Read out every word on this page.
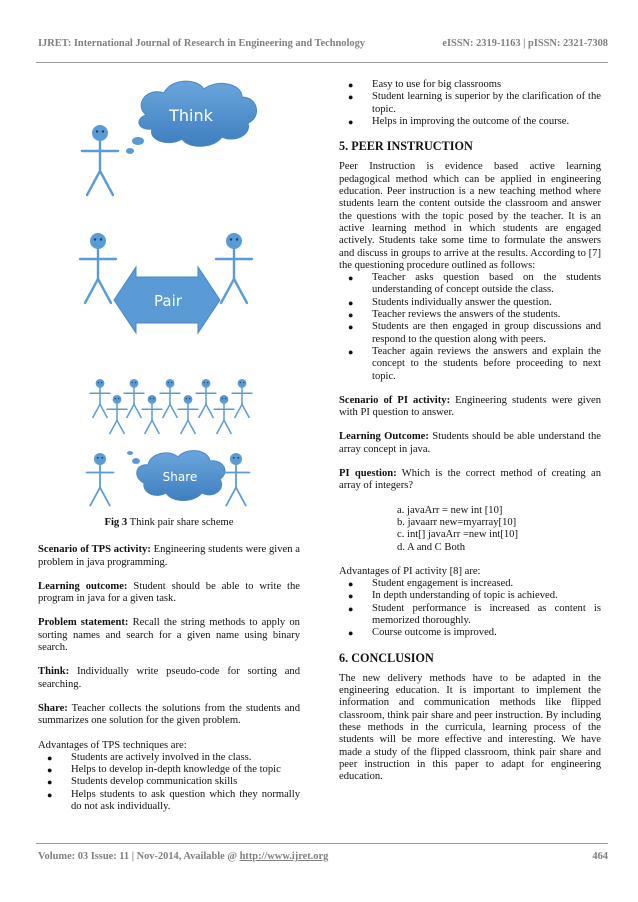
IJRET: International Journal of Research in Engineering and Technology	eISSN: 2319-1163 | pISSN: 2321-7308
Think
Pair
Share
Fig 3 Think pair share scheme

Scenario of TPS activity: Engineering students were given a problem in java programming.

Learning outcome: Student should be able to write the program in java for a given task.

Problem statement: Recall the string methods to apply on sorting names and search for a given name using binary search.

Think: Individually write pseudo-code for sorting and searching.

Share: Teacher collects the solutions from the students and summarizes one solution for the given problem.

Advantages of TPS techniques are:

● Students are actively involved in the class.
● Helps to develop in-depth knowledge of the topic
● Students develop communication skills
● Helps students to ask question which they normally do not ask individually.
● Easy to use for big classrooms
● Student learning is superior by the clarification of the topic.
● Helps in improving the outcome of the course.
5. PEER INSTRUCTION

Peer Instruction is evidence based active learning pedagogical method which can be applied in engineering education. Peer instruction is a new teaching method where students learn the content outside the classroom and answer the questions with the topic posed by the teacher. It is an active learning method in which students are engaged actively. Students take some time to formulate the answers and discuss in groups to arrive at the results. According to [7] the questioning procedure outlined as follows:

● Teacher asks question based on the students understanding of concept outside the class.
● Students individually answer the question.
● Teacher reviews the answers of the students.
● Students are then engaged in group discussions and respond to the question along with peers.
● Teacher again reviews the answers and explain the concept to the students before proceeding to next topic.

Scenario of PI activity: Engineering students were given with PI question to answer.

Learning Outcome: Students should be able understand the array concept in java.

PI question: Which is the correct method of creating an array of integers?

a. javaArr = new int [10]
b. javaarr new=myarray[10]
c. int[] javaArr =new int[10]
d. A and C Both

Advantages of PI activity [8] are:

● Student engagement is increased.
● In depth understanding of topic is achieved.
● Student performance is increased as content is memorized thoroughly.
● Course outcome is improved.
6. CONCLUSION

The new delivery methods have to be adapted in the engineering education. It is important to implement the information and communication methods like flipped classroom, think pair share and peer instruction. By including these methods in the curricula, learning process of the students will be more effective and interesting. We have made a study of the flipped classroom, think pair share and peer instruction in this paper to adapt for engineering education.

Volume: 03 Issue: 11 | Nov-2014, Available @ http://www.ijret.org	464
